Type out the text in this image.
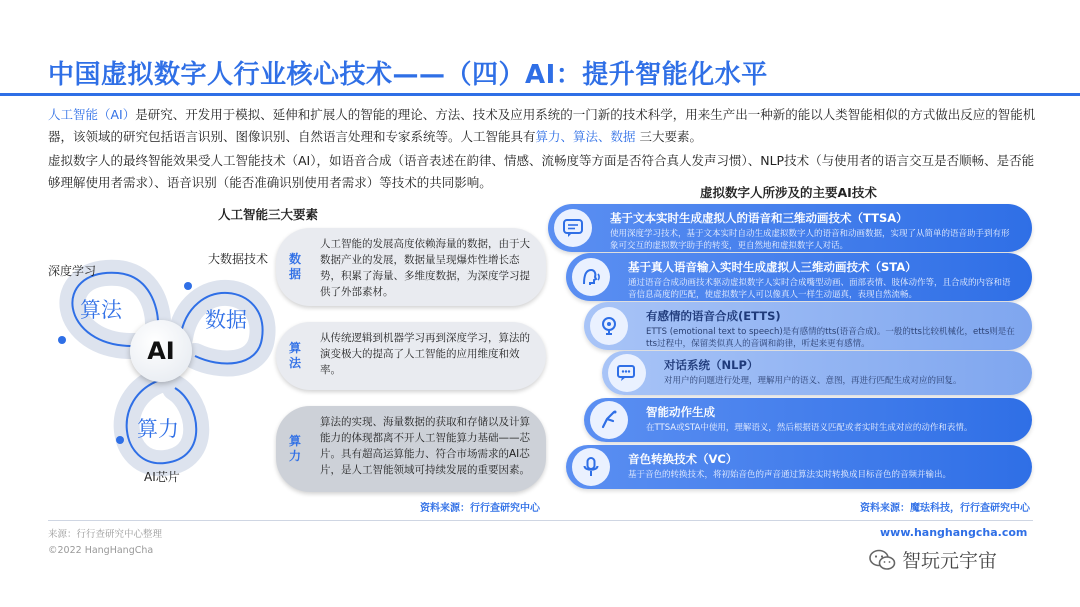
中国虚拟数字人行业核心技术——（四）AI：提升智能化水平
人工智能（AI）是研究、开发用于模拟、延伸和扩展人的智能的理论、方法、技术及应用系统的一门新的技术科学，用来生产出一种新的能以人类智能相似的方式做出反应的智能机器，该领域的研究包括语言识别、图像识别、自然语言处理和专家系统等。人工智能具有算力、算法、数据 三大要素。
虚拟数字人的最终智能效果受人工智能技术（AI），如语音合成（语音表述在韵律、情感、流畅度等方面是否符合真人发声习惯）、NLP技术（与使用者的语言交互是否顺畅、是否能够理解使用者需求）、语音识别（能否准确识别使用者需求）等技术的共同影响。
人工智能三大要素
深度学习
大数据技术
AI芯片
算法	数据
算力
AI
数据
人工智能的发展高度依赖海量的数据，由于大数据产业的发展，数据量呈现爆炸性增长态势，积累了海量、多维度数据，为深度学习提供了外部素材。
算法
从传统逻辑到机器学习再到深度学习，算法的演变极大的提高了人工智能的应用维度和效率。
算力
算法的实现、海量数据的获取和存储以及计算能力的体现都离不开人工智能算力基础——芯片。具有超高运算能力、符合市场需求的AI芯片，是人工智能领域可持续发展的重要因素。
资料来源：行行查研究中心
虚拟数字人所涉及的主要AI技术
基于文本实时生成虚拟人的语音和三维动画技术（TTSA）
使用深度学习技术，基于文本实时自动生成虚拟数字人的语音和动画数据，实现了从简单的语音助手到有形象可交互的虚拟数字助手的转变，更自然地和虚拟数字人对话。
基于真人语音输入实时生成虚拟人三维动画技术（STA）
通过语音合成动画技术驱动虚拟数字人实时合成嘴型动画、面部表情、肢体动作等，且合成的内容和语音信息高度的匹配，使虚拟数字人可以像真人一样生动逼真，表现自然流畅。
有感情的语音合成(ETTS)
ETTS (emotional text to speech)是有感情的tts(语音合成)。一般的tts比较机械化，etts则是在tts过程中，保留类似真人的音调和韵律，听起来更有感情。
对话系统（NLP）
对用户的问题进行处理，理解用户的语义、意图，再进行匹配生成对应的回复。
智能动作生成
在TTSA或STA中使用，理解语义，然后根据语义匹配或者实时生成对应的动作和表情。
音色转换技术（VC）
基于音色的转换技术，将初始音色的声音通过算法实时转换成目标音色的音频并输出。
资料来源：魔珐科技，行行查研究中心
来源：行行查研究中心整理
©2022 HangHangCha
www.hanghangcha.com
智玩元宇宙
